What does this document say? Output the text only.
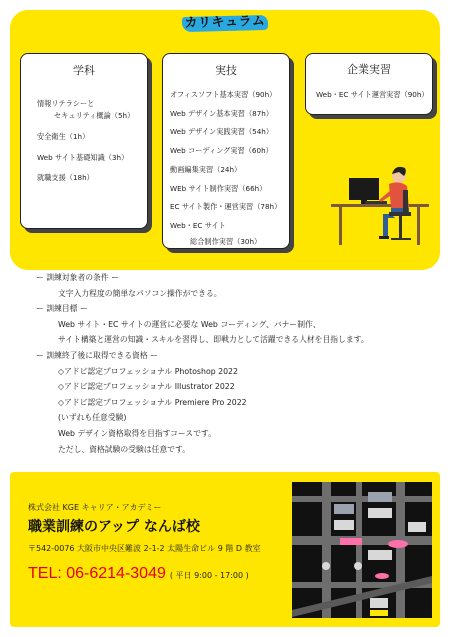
カリキュラム
学科
情報リテラシーと
セキュリティ概論（5h）
安全衛生（1h）
Web サイト基礎知識（3h）
就職支援（18h）
実技
オフィスソフト基本実習（90h）
Web デザイン基本実習（87h）
Web デザイン実践実習（54h）
Web コーディング実習（60h）
動画編集実習（24h）
WEb サイト制作実習（66h）
EC サイト製作・運営実習（78h）
Web・EC サイト
総合制作実習（30h）
企業実習
Web・EC サイト運営実習（90h）
ー 訓練対象者の条件 ー
文字入力程度の簡単なパソコン操作ができる。
ー 訓練目標 ー
Web サイト・EC サイトの運営に必要な Web コーディング、バナー制作、
サイト構築と運営の知識・スキルを習得し、即戦力として活躍できる人材を目指します。
ー 訓練終了後に取得できる資格 ー
◇アドビ認定プロフェッショナル Photoshop 2022
◇アドビ認定プロフェッショナル Illustrator 2022
◇アドビ認定プロフェッショナル Premiere Pro 2022
(いずれも任意受験)
Web デザイン資格取得を目指すコースです。
ただし、資格試験の受験は任意です。
株式会社 KGE キャリア・アカデミー
職業訓練のアップ なんば校
〒542-0076 大阪市中央区難波 2-1-2 太陽生命ビル 9 階 D 教室
TEL: 06-6214-3049 ( 平日 9:00 - 17:00 )
